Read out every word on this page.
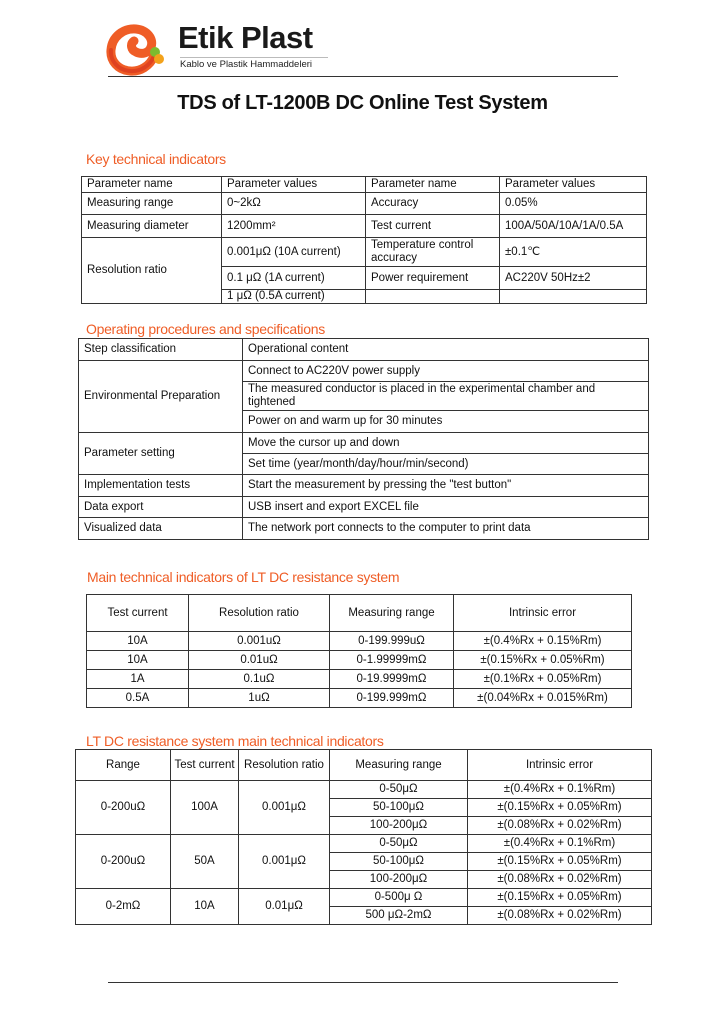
Etik Plast
Kablo ve Plastik Hammaddeleri
TDS of LT-1200B DC Online Test System
Key technical indicators
Parameter name	Parameter values	Parameter name	Parameter values
Measuring range	0~2kΩ	Accuracy	0.05%
Measuring diameter	1200mm²	Test current	100A/50A/10A/1A/0.5A
Resolution ratio	0.001μΩ (10A current)	Temperature control accuracy	±0.1℃
	0.1 μΩ (1A current)	Power requirement	AC220V 50Hz±2
	1 μΩ (0.5A current)		
Operating procedures and specifications
Step classification	Operational content
Environmental Preparation	Connect to AC220V power supply
	The measured conductor is placed in the experimental chamber and tightened
	Power on and warm up for 30 minutes
Parameter setting	Move the cursor up and down
	Set time (year/month/day/hour/min/second)
Implementation tests	Start the measurement by pressing the "test button"
Data export	USB insert and export EXCEL file
Visualized data	The network port connects to the computer to print data
Main technical indicators of LT DC resistance system
Test current	Resolution ratio	Measuring range	Intrinsic error
10A	0.001uΩ	0-199.999uΩ	±(0.4%Rx + 0.15%Rm)
10A	0.01uΩ	0-1.99999mΩ	±(0.15%Rx + 0.05%Rm)
1A	0.1uΩ	0-19.9999mΩ	±(0.1%Rx + 0.05%Rm)
0.5A	1uΩ	0-199.999mΩ	±(0.04%Rx + 0.015%Rm)
LT DC resistance system main technical indicators
Range	Test current	Resolution ratio	Measuring range	Intrinsic error
0-200uΩ	100A	0.001μΩ	0-50μΩ	±(0.4%Rx + 0.1%Rm)
			50-100μΩ	±(0.15%Rx + 0.05%Rm)
			100-200μΩ	±(0.08%Rx + 0.02%Rm)
0-200uΩ	50A	0.001μΩ	0-50μΩ	±(0.4%Rx + 0.1%Rm)
			50-100μΩ	±(0.15%Rx + 0.05%Rm)
			100-200μΩ	±(0.08%Rx + 0.02%Rm)
0-2mΩ	10A	0.01μΩ	0-500μ Ω	±(0.15%Rx + 0.05%Rm)
			500 μΩ-2mΩ	±(0.08%Rx + 0.02%Rm)
